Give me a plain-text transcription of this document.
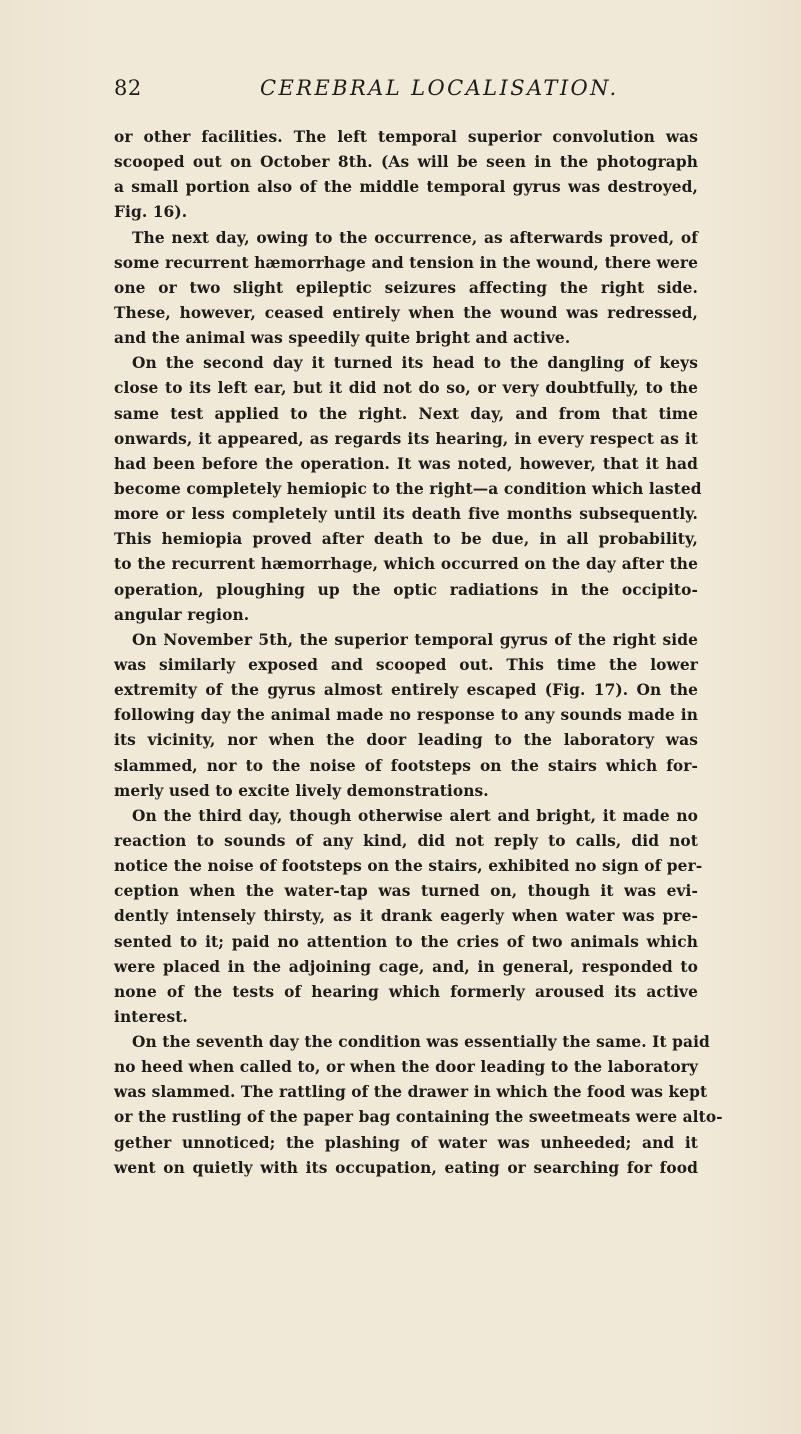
82	CEREBRAL LOCALISATION.

or other facilities. The left temporal superior convolution was
scooped out on October 8th. (As will be seen in the photograph
a small portion also of the middle temporal gyrus was destroyed,
Fig. 16).

The next day, owing to the occurrence, as afterwards proved, of
some recurrent hæmorrhage and tension in the wound, there were
one or two slight epileptic seizures affecting the right side.
These, however, ceased entirely when the wound was redressed,
and the animal was speedily quite bright and active.

On the second day it turned its head to the dangling of keys
close to its left ear, but it did not do so, or very doubtfully, to the
same test applied to the right. Next day, and from that time
onwards, it appeared, as regards its hearing, in every respect as it
had been before the operation. It was noted, however, that it had
become completely hemiopic to the right—a condition which lasted
more or less completely until its death five months subsequently.
This hemiopia proved after death to be due, in all probability,
to the recurrent hæmorrhage, which occurred on the day after the
operation, ploughing up the optic radiations in the occipito-
angular region.

On November 5th, the superior temporal gyrus of the right side
was similarly exposed and scooped out. This time the lower
extremity of the gyrus almost entirely escaped (Fig. 17). On the
following day the animal made no response to any sounds made in
its vicinity, nor when the door leading to the laboratory was
slammed, nor to the noise of footsteps on the stairs which for-
merly used to excite lively demonstrations.

On the third day, though otherwise alert and bright, it made no
reaction to sounds of any kind, did not reply to calls, did not
notice the noise of footsteps on the stairs, exhibited no sign of per-
ception when the water-tap was turned on, though it was evi-
dently intensely thirsty, as it drank eagerly when water was pre-
sented to it; paid no attention to the cries of two animals which
were placed in the adjoining cage, and, in general, responded to
none of the tests of hearing which formerly aroused its active
interest.

On the seventh day the condition was essentially the same. It paid
no heed when called to, or when the door leading to the laboratory
was slammed. The rattling of the drawer in which the food was kept
or the rustling of the paper bag containing the sweetmeats were alto-
gether unnoticed; the plashing of water was unheeded; and it
went on quietly with its occupation, eating or searching for food
